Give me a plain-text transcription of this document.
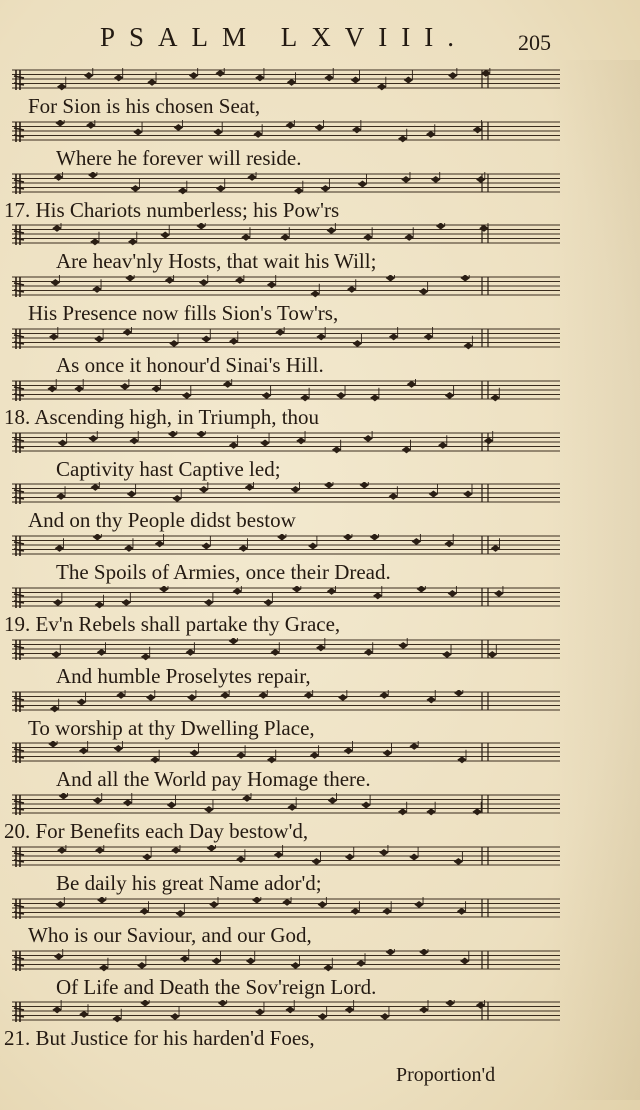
PSALM LXVIII. 205
For Sion is his chosen Seat,
Where he forever will reside.
17. His Chariots numberless; his Pow'rs
Are heav'nly Hosts, that wait his Will;
His Presence now fills Sion's Tow'rs,
As once it honour'd Sinai's Hill.
18. Ascending high, in Triumph, thou
Captivity hast Captive led;
And on thy People didst bestow
The Spoils of Armies, once their Dread.
19. Ev'n Rebels shall partake thy Grace,
And humble Proselytes repair,
To worship at thy Dwelling Place,
And all the World pay Homage there.
20. For Benefits each Day bestow'd,
Be daily his great Name ador'd;
Who is our Saviour, and our God,
Of Life and Death the Sov'reign Lord.
21. But Justice for his harden'd Foes,
Proportion'd
